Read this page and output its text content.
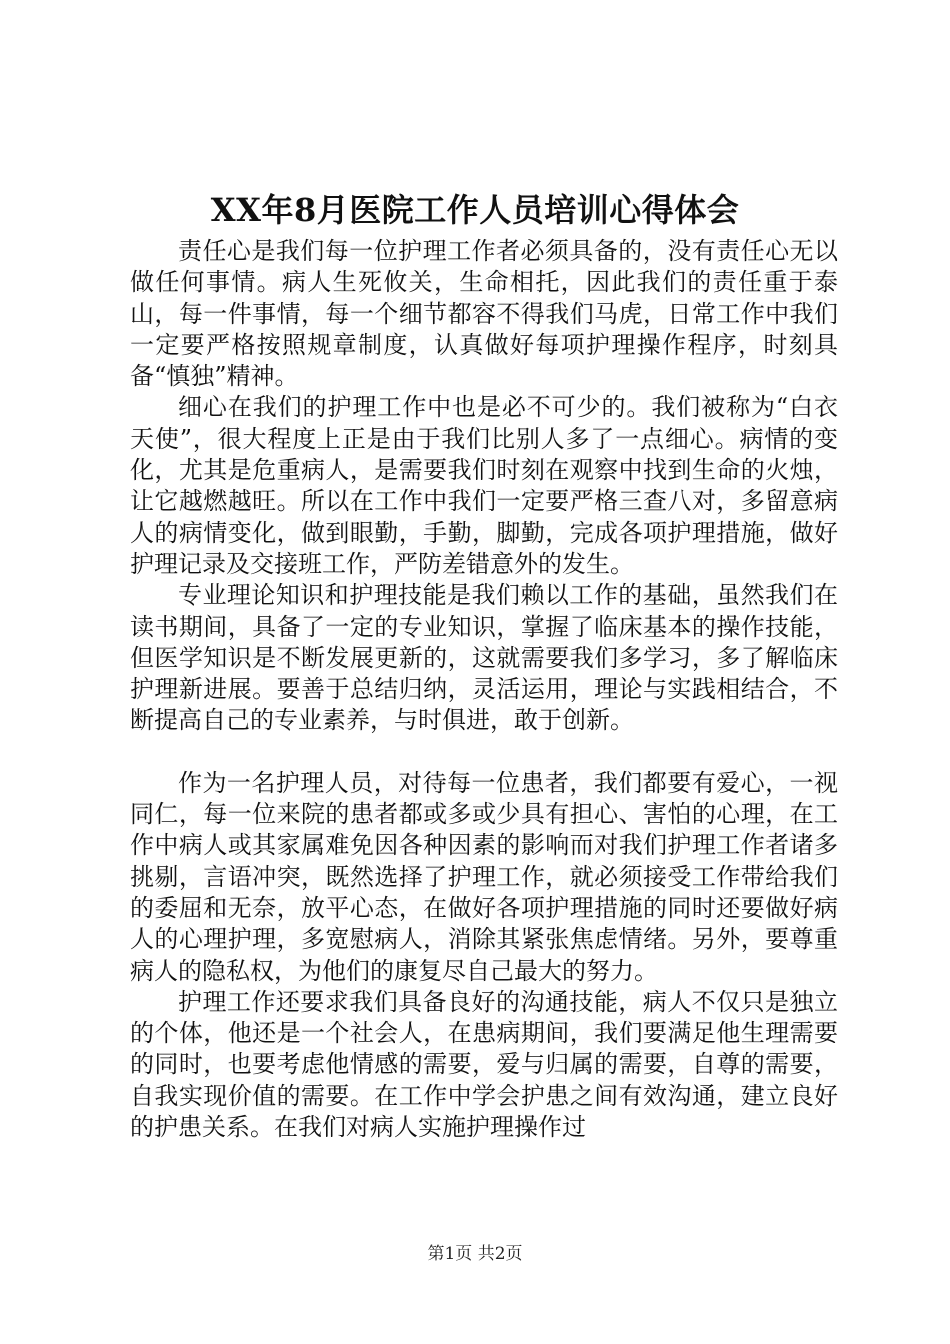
XX年8月医院工作人员培训心得体会

责任心是我们每一位护理工作者必须具备的，没有责任心无以做任何事情。病人生死攸关，生命相托，因此我们的责任重于泰山，每一件事情，每一个细节都容不得我们马虎，日常工作中我们一定要严格按照规章制度，认真做好每项护理操作程序，时刻具备“慎独”精神。

细心在我们的护理工作中也是必不可少的。我们被称为“白衣天使”，很大程度上正是由于我们比别人多了一点细心。病情的变化，尤其是危重病人，是需要我们时刻在观察中找到生命的火烛，让它越燃越旺。所以在工作中我们一定要严格三查八对，多留意病人的病情变化，做到眼勤，手勤，脚勤，完成各项护理措施，做好护理记录及交接班工作，严防差错意外的发生。

专业理论知识和护理技能是我们赖以工作的基础，虽然我们在读书期间，具备了一定的专业知识，掌握了临床基本的操作技能，但医学知识是不断发展更新的，这就需要我们多学习，多了解临床护理新进展。要善于总结归纳，灵活运用，理论与实践相结合，不断提高自己的专业素养，与时俱进，敢于创新。

作为一名护理人员，对待每一位患者，我们都要有爱心，一视同仁，每一位来院的患者都或多或少具有担心、害怕的心理，在工作中病人或其家属难免因各种因素的影响而对我们护理工作者诸多挑剔，言语冲突，既然选择了护理工作，就必须接受工作带给我们的委屈和无奈，放平心态，在做好各项护理措施的同时还要做好病人的心理护理，多宽慰病人，消除其紧张焦虑情绪。另外，要尊重病人的隐私权，为他们的康复尽自己最大的努力。

护理工作还要求我们具备良好的沟通技能，病人不仅只是独立的个体，他还是一个社会人，在患病期间，我们要满足他生理需要的同时，也要考虑他情感的需要，爱与归属的需要，自尊的需要，自我实现价值的需要。在工作中学会护患之间有效沟通，建立良好的护患关系。在我们对病人实施护理操作过

第1页 共2页
